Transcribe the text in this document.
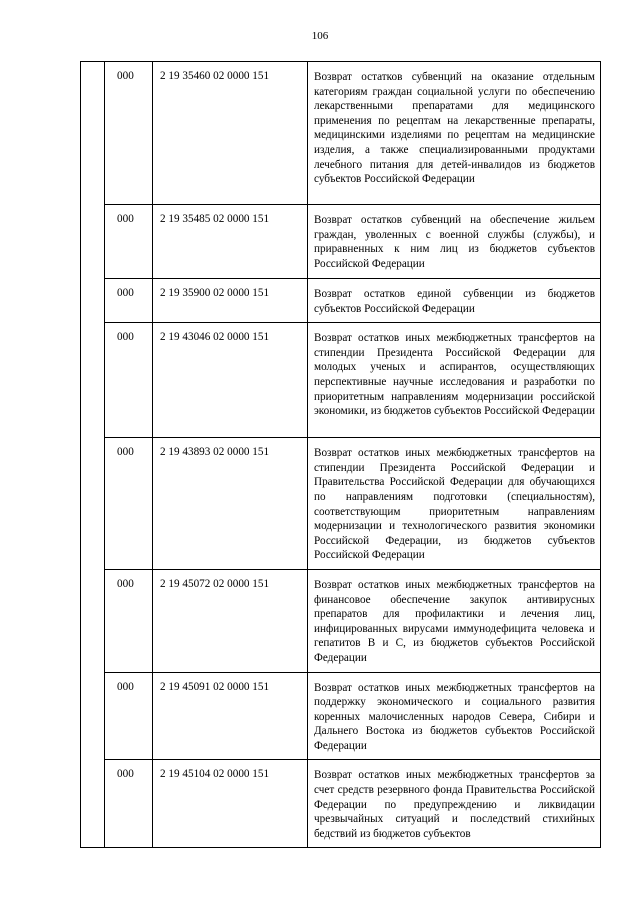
106
	000	2 19 35460 02 0000 151	Возврат остатков субвенций на оказание отдельным категориям граждан социальной услуги по обеспечению лекарственными препаратами для медицинского применения по рецептам на лекарственные препараты, медицинскими изделиями по рецептам на медицинские изделия, а также специализированными продуктами лечебного питания для детей-инвалидов из бюджетов субъектов Российской Федерации

	000	2 19 35485 02 0000 151	Возврат остатков субвенций на обеспечение жильем граждан, уволенных с военной службы (службы), и приравненных к ним лиц из бюджетов субъектов Российской Федерации

	000	2 19 35900 02 0000 151	Возврат остатков единой субвенции из бюджетов субъектов Российской Федерации

	000	2 19 43046 02 0000 151	Возврат остатков иных межбюджетных трансфертов на стипендии Президента Российской Федерации для молодых ученых и аспирантов, осуществляющих перспективные научные исследования и разработки по приоритетным направлениям модернизации российской экономики, из бюджетов субъектов Российской Федерации

	000	2 19 43893 02 0000 151	Возврат остатков иных межбюджетных трансфертов на стипендии Президента Российской Федерации и Правительства Российской Федерации для обучающихся по направлениям подготовки (специальностям), соответствующим приоритетным направлениям модернизации и технологического развития экономики Российской Федерации, из бюджетов субъектов Российской Федерации

	000	2 19 45072 02 0000 151	Возврат остатков иных межбюджетных трансфертов на финансовое обеспечение закупок антивирусных препаратов для профилактики и лечения лиц, инфицированных вирусами иммунодефицита человека и гепатитов В и С, из бюджетов субъектов Российской Федерации

	000	2 19 45091 02 0000 151	Возврат остатков иных межбюджетных трансфертов на поддержку экономического и социального развития коренных малочисленных народов Севера, Сибири и Дальнего Востока из бюджетов субъектов Российской Федерации

	000	2 19 45104 02 0000 151	Возврат остатков иных межбюджетных трансфертов за счет средств резервного фонда Правительства Российской Федерации по предупреждению и ликвидации чрезвычайных ситуаций и последствий стихийных бедствий из бюджетов субъектов
